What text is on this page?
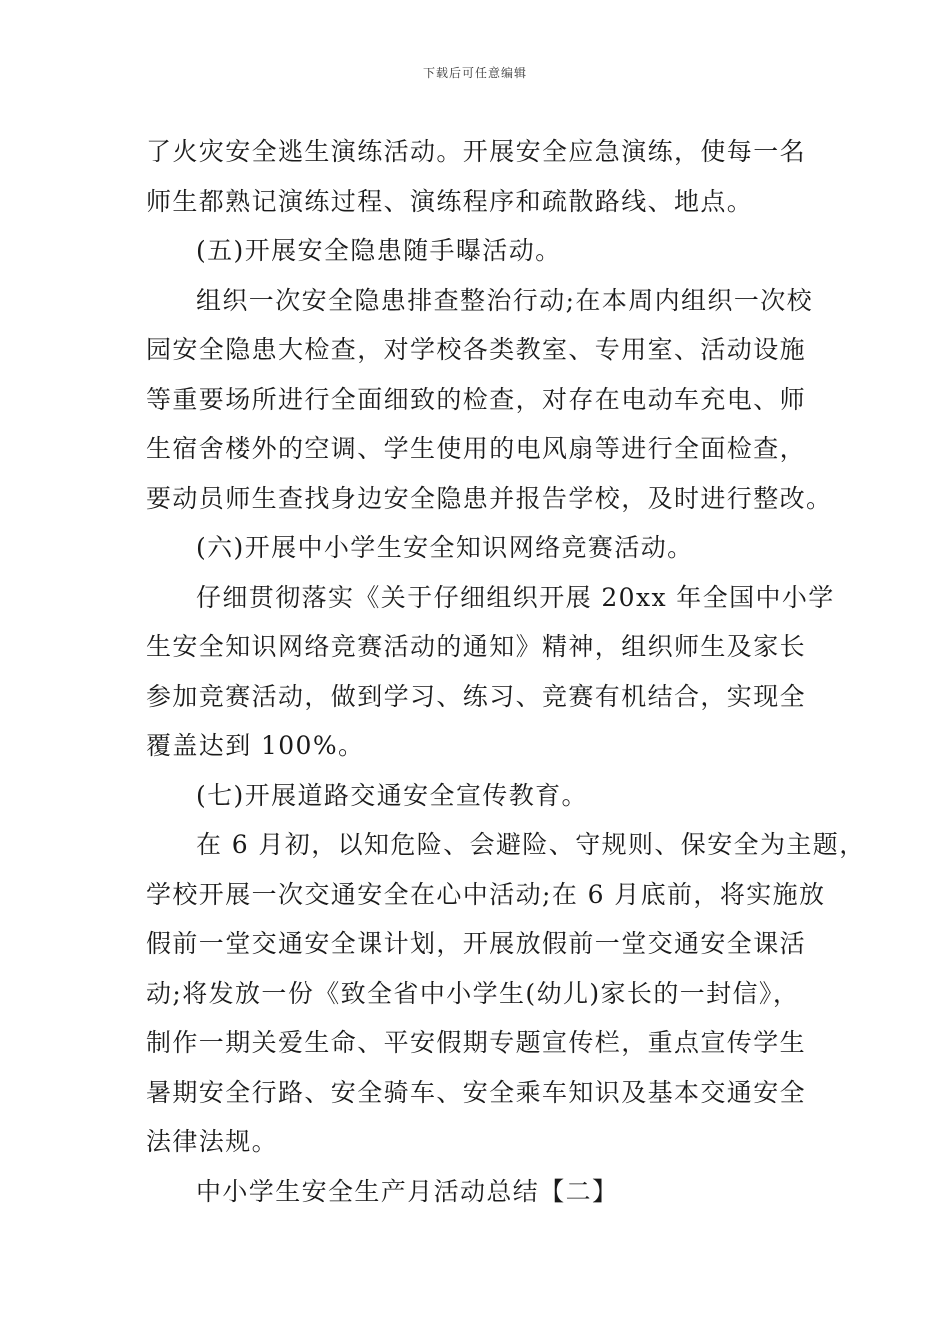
下载后可任意编辑
了火灾安全逃生演练活动。开展安全应急演练，使每一名
师生都熟记演练过程、演练程序和疏散路线、地点。
(五)开展安全隐患随手曝活动。
组织一次安全隐患排查整治行动;在本周内组织一次校
园安全隐患大检查，对学校各类教室、专用室、活动设施
等重要场所进行全面细致的检查，对存在电动车充电、师
生宿舍楼外的空调、学生使用的电风扇等进行全面检查，
要动员师生查找身边安全隐患并报告学校，及时进行整改。
(六)开展中小学生安全知识网络竞赛活动。
仔细贯彻落实《关于仔细组织开展 20xx 年全国中小学
生安全知识网络竞赛活动的通知》精神，组织师生及家长
参加竞赛活动，做到学习、练习、竞赛有机结合，实现全
覆盖达到 100%。
(七)开展道路交通安全宣传教育。
在 6 月初，以知危险、会避险、守规则、保安全为主题，
学校开展一次交通安全在心中活动;在 6 月底前，将实施放
假前一堂交通安全课计划，开展放假前一堂交通安全课活
动;将发放一份《致全省中小学生(幼儿)家长的一封信》，
制作一期关爱生命、平安假期专题宣传栏，重点宣传学生
暑期安全行路、安全骑车、安全乘车知识及基本交通安全
法律法规。
中小学生安全生产月活动总结【二】
